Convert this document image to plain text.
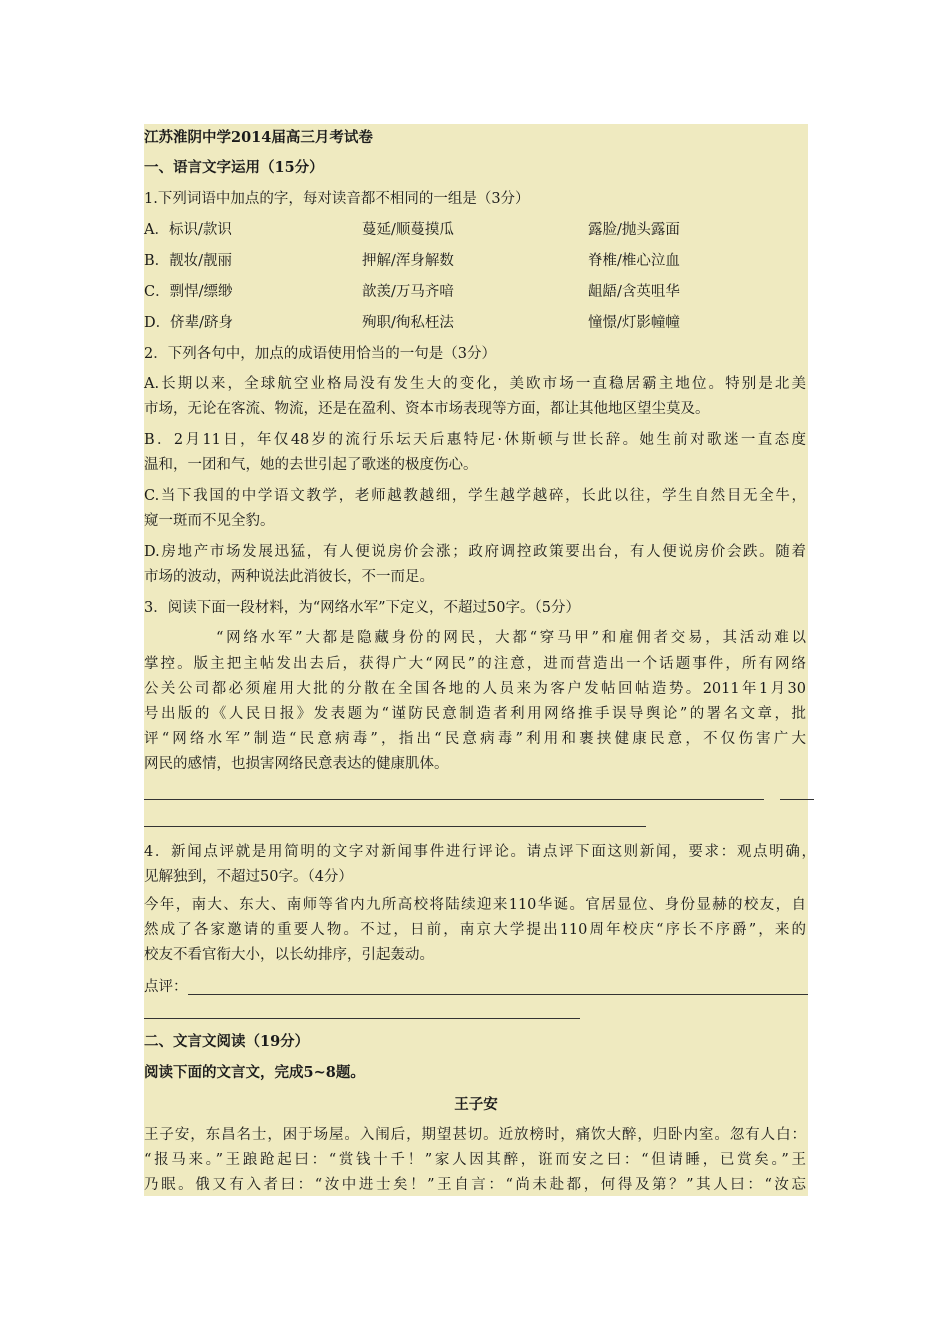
江苏淮阴中学2014届高三月考试卷
一、语言文字运用（15分）
1.下列词语中加点的字，每对读音都不相同的一组是（3分）
A．标识/款识	蔓延/顺蔓摸瓜	露脸/抛头露面
B．靓妆/靓丽	押解/浑身解数	脊椎/椎心泣血
C．剽悍/缥缈	歆羡/万马齐喑	龃龉/含英咀华
D．侪辈/跻身	殉职/徇私枉法	憧憬/灯影幢幢
2．下列各句中，加点的成语使用恰当的一句是（3分）
A.长期以来，全球航空业格局没有发生大的变化，美欧市场一直稳居霸主地位。特别是北美
市场，无论在客流、物流，还是在盈利、资本市场表现等方面，都让其他地区望尘莫及。
B．2月11日，年仅48岁的流行乐坛天后惠特尼·休斯顿与世长辞。她生前对歌迷一直态度
温和，一团和气，她的去世引起了歌迷的极度伤心。
C.当下我国的中学语文教学，老师越教越细，学生越学越碎，长此以往，学生自然目无全牛，
窥一斑而不见全豹。
D.房地产市场发展迅猛，有人便说房价会涨；政府调控政策要出台，有人便说房价会跌。随着
市场的波动，两种说法此消彼长，不一而足。
3．阅读下面一段材料，为“网络水军”下定义，不超过50字。（5分）
“网络水军”大都是隐藏身份的网民，大都“穿马甲”和雇佣者交易，其活动难以
掌控。版主把主帖发出去后，获得广大“网民”的注意，进而营造出一个话题事件，所有网络
公关公司都必须雇用大批的分散在全国各地的人员来为客户发帖回帖造势。2011年1月30
号出版的《人民日报》发表题为“谨防民意制造者利用网络推手误导舆论”的署名文章，批
评“网络水军”制造“民意病毒”，指出“民意病毒”利用和裹挟健康民意，不仅伤害广大
网民的感情，也损害网络民意表达的健康肌体。
4．新闻点评就是用简明的文字对新闻事件进行评论。请点评下面这则新闻，要求：观点明确，
见解独到，不超过50字。（4分）
今年，南大、东大、南师等省内九所高校将陆续迎来110华诞。官居显位、身份显赫的校友，自
然成了各家邀请的重要人物。不过，日前，南京大学提出110周年校庆“序长不序爵”，来的
校友不看官衔大小，以长幼排序，引起轰动。
点评：
二、文言文阅读（19分）
阅读下面的文言文，完成5~8题。
王子安
王子安，东昌名士，困于场屋。入闱后，期望甚切。近放榜时，痛饮大醉，归卧内室。忽有人白：
“报马来。”王踉跄起曰：“赏钱十千！”家人因其醉，诳而安之曰：“但请睡，已赏矣。”王
乃眠。俄又有入者曰：“汝中进士矣！”王自言：“尚未赴都，何得及第？”其人曰：“汝忘
